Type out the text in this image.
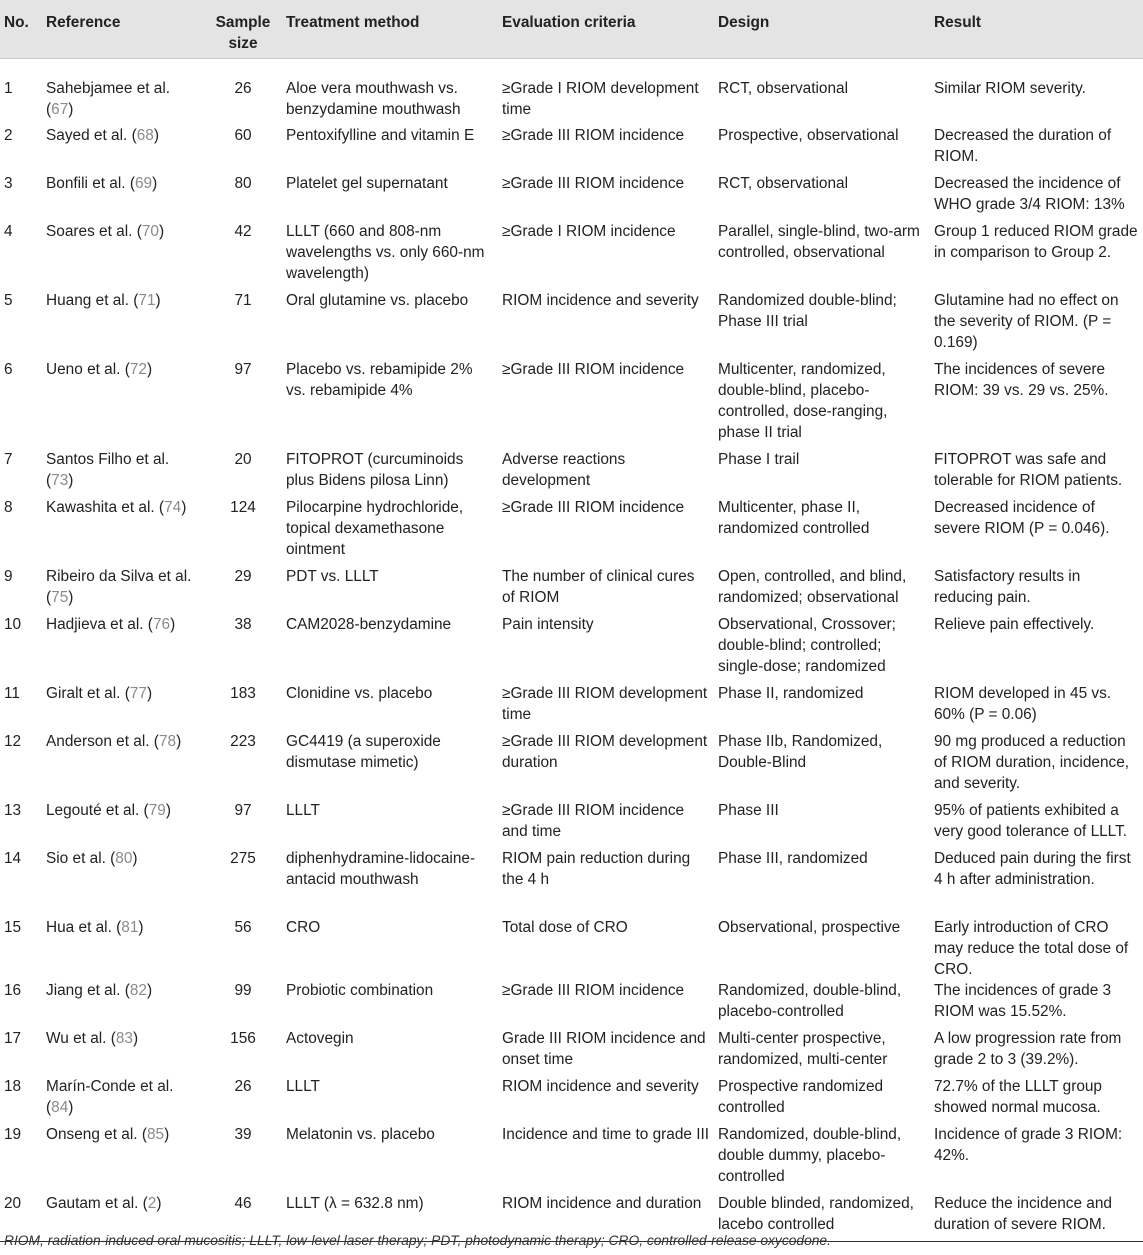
No.	Reference	Sample size	Treatment method	Evaluation criteria	Design	Result
1	Sahebjamee et al. (67)	26	Aloe vera mouthwash vs. benzydamine mouthwash	≥Grade I RIOM development time	RCT, observational	Similar RIOM severity.
2	Sayed et al. (68)	60	Pentoxifylline and vitamin E	≥Grade III RIOM incidence	Prospective, observational	Decreased the duration of RIOM.
3	Bonfili et al. (69)	80	Platelet gel supernatant	≥Grade III RIOM incidence	RCT, observational	Decreased the incidence of WHO grade 3/4 RIOM: 13%
4	Soares et al. (70)	42	LLLT (660 and 808-nm wavelengths vs. only 660-nm wavelength)	≥Grade I RIOM incidence	Parallel, single-blind, two-arm controlled, observational	Group 1 reduced RIOM grade in comparison to Group 2.
5	Huang et al. (71)	71	Oral glutamine vs. placebo	RIOM incidence and severity	Randomized double-blind; Phase III trial	Glutamine had no effect on the severity of RIOM. (P = 0.169)
6	Ueno et al. (72)	97	Placebo vs. rebamipide 2% vs. rebamipide 4%	≥Grade III RIOM incidence	Multicenter, randomized, double-blind, placebo-controlled, dose-ranging, phase II trial	The incidences of severe RIOM: 39 vs. 29 vs. 25%.
7	Santos Filho et al. (73)	20	FITOPROT (curcuminoids plus Bidens pilosa Linn)	Adverse reactions development	Phase I trail	FITOPROT was safe and tolerable for RIOM patients.
8	Kawashita et al. (74)	124	Pilocarpine hydrochloride, topical dexamethasone ointment	≥Grade III RIOM incidence	Multicenter, phase II, randomized controlled	Decreased incidence of severe RIOM (P = 0.046).
9	Ribeiro da Silva et al. (75)	29	PDT vs. LLLT	The number of clinical cures of RIOM	Open, controlled, and blind, randomized; observational	Satisfactory results in reducing pain.
10	Hadjieva et al. (76)	38	CAM2028-benzydamine	Pain intensity	Observational, Crossover; double-blind; controlled; single-dose; randomized	Relieve pain effectively.
11	Giralt et al. (77)	183	Clonidine vs. placebo	≥Grade III RIOM development time	Phase II, randomized	RIOM developed in 45 vs. 60% (P = 0.06)
12	Anderson et al. (78)	223	GC4419 (a superoxide dismutase mimetic)	≥Grade III RIOM development duration	Phase IIb, Randomized, Double-Blind	90 mg produced a reduction of RIOM duration, incidence, and severity.
13	Legouté et al. (79)	97	LLLT	≥Grade III RIOM incidence and time	Phase III	95% of patients exhibited a very good tolerance of LLLT.
14	Sio et al. (80)	275	diphenhydramine-lidocaine-antacid mouthwash	RIOM pain reduction during the 4 h	Phase III, randomized	Deduced pain during the first 4 h after administration.
15	Hua et al. (81)	56	CRO	Total dose of CRO	Observational, prospective	Early introduction of CRO may reduce the total dose of CRO.
16	Jiang et al. (82)	99	Probiotic combination	≥Grade III RIOM incidence	Randomized, double-blind, placebo-controlled	The incidences of grade 3 RIOM was 15.52%.
17	Wu et al. (83)	156	Actovegin	Grade III RIOM incidence and onset time	Multi-center prospective, randomized, multi-center	A low progression rate from grade 2 to 3 (39.2%).
18	Marín-Conde et al. (84)	26	LLLT	RIOM incidence and severity	Prospective randomized controlled	72.7% of the LLLT group showed normal mucosa.
19	Onseng et al. (85)	39	Melatonin vs. placebo	Incidence and time to grade III	Randomized, double-blind, double dummy, placebo-controlled	Incidence of grade 3 RIOM: 42%.
20	Gautam et al. (2)	46	LLLT (λ = 632.8 nm)	RIOM incidence and duration	Double blinded, randomized, lacebo controlled	Reduce the incidence and duration of severe RIOM.
RIOM, radiation-induced oral mucositis; LLLT, low-level laser therapy; PDT, photodynamic therapy; CRO, controlled-release oxycodone.
